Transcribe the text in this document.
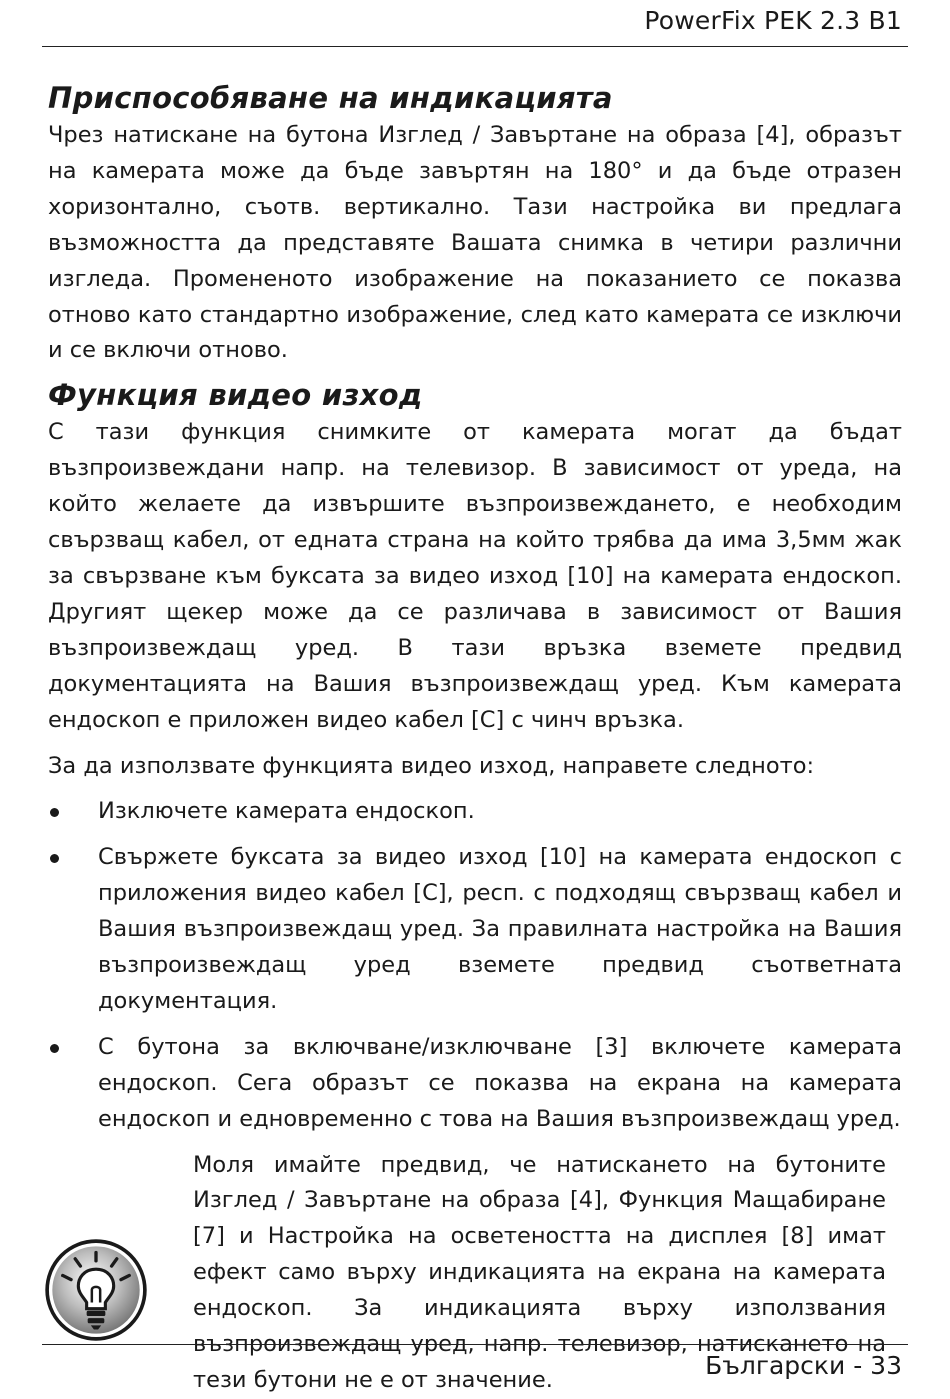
PowerFix PEK 2.3 B1
Приспособяване на индикацията

Чрез натискане на бутона Изглед / Завъртане на образа [4], образът на камерата може да бъде завъртян на 180° и да бъде отразен хоризонтално, съотв. вертикално. Тази настройка ви предлага възможността да представяте Вашата снимка в четири различни изгледа. Промененото изображение на показанието се показва отново като стандартно изображение, след като камерата се изключи и се включи отново.

Функция видео изход

С тази функция снимките от камерата могат да бъдат възпроизвеждани напр. на телевизор. В зависимост от уреда, на който желаете да извършите възпроизвеждането, е необходим свързващ кабел, от едната страна на който трябва да има 3,5мм жак за свързване към буксата за видео изход [10] на камерата ендоскоп. Другият щекер може да се различава в зависимост от Вашия възпроизвеждащ уред. В тази връзка вземете предвид документацията на Вашия възпроизвеждащ уред. Към камерата ендоскоп е приложен видео кабел [C] с чинч връзка.

За да използвате функцията видео изход, направете следното:

Изключете камерата ендоскоп.
Свържете буксата за видео изход [10] на камерата ендоскоп с приложения видео кабел [C], респ. с подходящ свързващ кабел и Вашия възпроизвеждащ уред. За правилната настройка на Вашия възпроизвеждащ уред вземете предвид съответната документация.
С бутона за включване/изключване [3] включете камерата ендоскоп. Сега образът се показва на екрана на камерата ендоскоп и едновременно с това на Вашия възпроизвеждащ уред.

Моля имайте предвид, че натискането на бутоните Изглед / Завъртане на образа [4], Функция Мащабиране [7] и Настройка на осветеността на дисплея [8] имат ефект само върху индикацията на екрана на камерата ендоскоп. За индикацията върху използвания възпроизвеждащ уред, напр. телевизор, натискането на тези бутони не е от значение.	Български - 33
